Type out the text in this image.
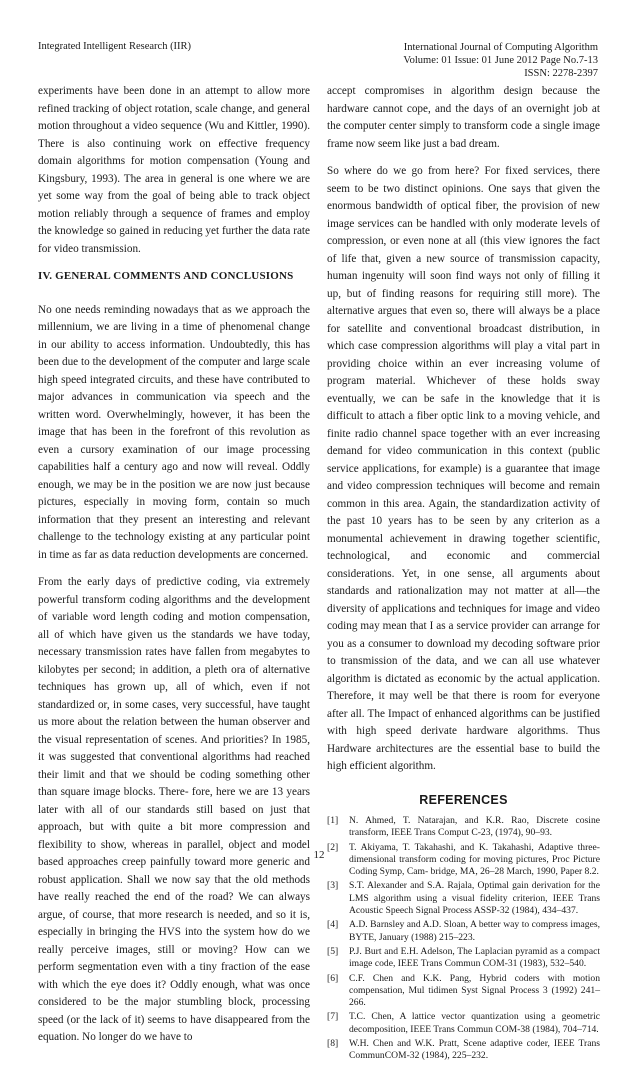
Integrated Intelligent Research (IIR)	International Journal of Computing Algorithm
Volume: 01 Issue: 01 June 2012 Page No.7-13
ISSN: 2278-2397

experiments have been done in an attempt to allow more refined tracking of object rotation, scale change, and general motion throughout a video sequence (Wu and Kittler, 1990). There is also continuing work on effective frequency domain algorithms for motion compensation (Young and Kingsbury, 1993). The area in general is one where we are yet some way from the goal of being able to track object motion reliably through a sequence of frames and employ the knowledge so gained in reducing yet further the data rate for video transmission.

IV. GENERAL COMMENTS AND CONCLUSIONS

No one needs reminding nowadays that as we approach the millennium, we are living in a time of phenomenal change in our ability to access information. Undoubtedly, this has been due to the development of the computer and large scale high speed integrated circuits, and these have contributed to major advances in communication via speech and the written word. Overwhelmingly, however, it has been the image that has been in the forefront of this revolution as even a cursory examination of our image processing capabilities half a century ago and now will reveal. Oddly enough, we may be in the position we are now just because pictures, especially in moving form, contain so much information that they present an interesting and relevant challenge to the technology existing at any particular point in time as far as data reduction developments are concerned.

From the early days of predictive coding, via extremely powerful transform coding algorithms and the development of variable word length coding and motion compensation, all of which have given us the standards we have today, necessary transmission rates have fallen from megabytes to kilobytes per second; in addition, a pleth ora of alternative techniques has grown up, all of which, even if not standardized or, in some cases, very successful, have taught us more about the relation between the human observer and the visual representation of scenes. And priorities? In 1985, it was suggested that conventional algorithms had reached their limit and that we should be coding something other than square image blocks. There- fore, here we are 13 years later with all of our standards still based on just that approach, but with quite a bit more compression and flexibility to show, whereas in parallel, object and model based approaches creep painfully toward more generic and robust application. Shall we now say that the old methods have really reached the end of the road? We can always argue, of course, that more research is needed, and so it is, especially in bringing the HVS into the system how do we really perceive images, still or moving? How can we perform segmentation even with a tiny fraction of the ease with which the eye does it? Oddly enough, what was once considered to be the major stumbling block, processing speed (or the lack of it) seems to have disappeared from the equation. No longer do we have to

accept compromises in algorithm design because the hardware cannot cope, and the days of an overnight job at the computer center simply to transform code a single image frame now seem like just a bad dream.

So where do we go from here? For fixed services, there seem to be two distinct opinions. One says that given the enormous bandwidth of optical fiber, the provision of new image services can be handled with only moderate levels of compression, or even none at all (this view ignores the fact of life that, given a new source of transmission capacity, human ingenuity will soon find ways not only of filling it up, but of finding reasons for requiring still more). The alternative argues that even so, there will always be a place for satellite and conventional broadcast distribution, in which case compression algorithms will play a vital part in providing choice within an ever increasing volume of program material. Whichever of these holds sway eventually, we can be safe in the knowledge that it is difficult to attach a fiber optic link to a moving vehicle, and finite radio channel space together with an ever increasing demand for video communication in this context (public service applications, for example) is a guarantee that image and video compression techniques will become and remain common in this area. Again, the standardization activity of the past 10 years has to be seen by any criterion as a monumental achievement in drawing together scientific, technological, and economic and commercial considerations. Yet, in one sense, all arguments about standards and rationalization may not matter at all—the diversity of applications and techniques for image and video coding may mean that I as a service provider can arrange for you as a consumer to download my decoding software prior to transmission of the data, and we can all use whatever algorithm is dictated as economic by the actual application. Therefore, it may well be that there is room for everyone after all. The Impact of enhanced algorithms can be justified with high speed derivate hardware algorithms. Thus Hardware architectures are the essential base to build the high efficient algorithm.

REFERENCES
[1]	N. Ahmed, T. Natarajan, and K.R. Rao, Discrete cosine transform, IEEE Trans Comput C-23, (1974), 90–93.
[2]	T. Akiyama, T. Takahashi, and K. Takahashi, Adaptive three-dimensional transform coding for moving pictures, Proc Picture Coding Symp, Cam- bridge, MA, 26–28 March, 1990, Paper 8.2.
[3]	S.T. Alexander and S.A. Rajala, Optimal gain derivation for the LMS algorithm using a visual fidelity criterion, IEEE Trans Acoustic Speech Signal Process ASSP-32 (1984), 434–437.
[4]	A.D. Barnsley and A.D. Sloan, A better way to compress images, BYTE, January (1988) 215–223.
[5]	P.J. Burt and E.H. Adelson, The Laplacian pyramid as a compact image code, IEEE Trans Commun COM-31 (1983), 532–540.
[6]	C.F. Chen and K.K. Pang, Hybrid coders with motion compensation, Mul tidimen Syst Signal Process 3 (1992) 241–266.
[7]	T.C. Chen, A lattice vector quantization using a geometric decomposition, IEEE Trans Commun COM-38 (1984), 704–714.
[8]	W.H. Chen and W.K. Pratt, Scene adaptive coder, IEEE Trans CommunCOM-32 (1984), 225–232.
12
